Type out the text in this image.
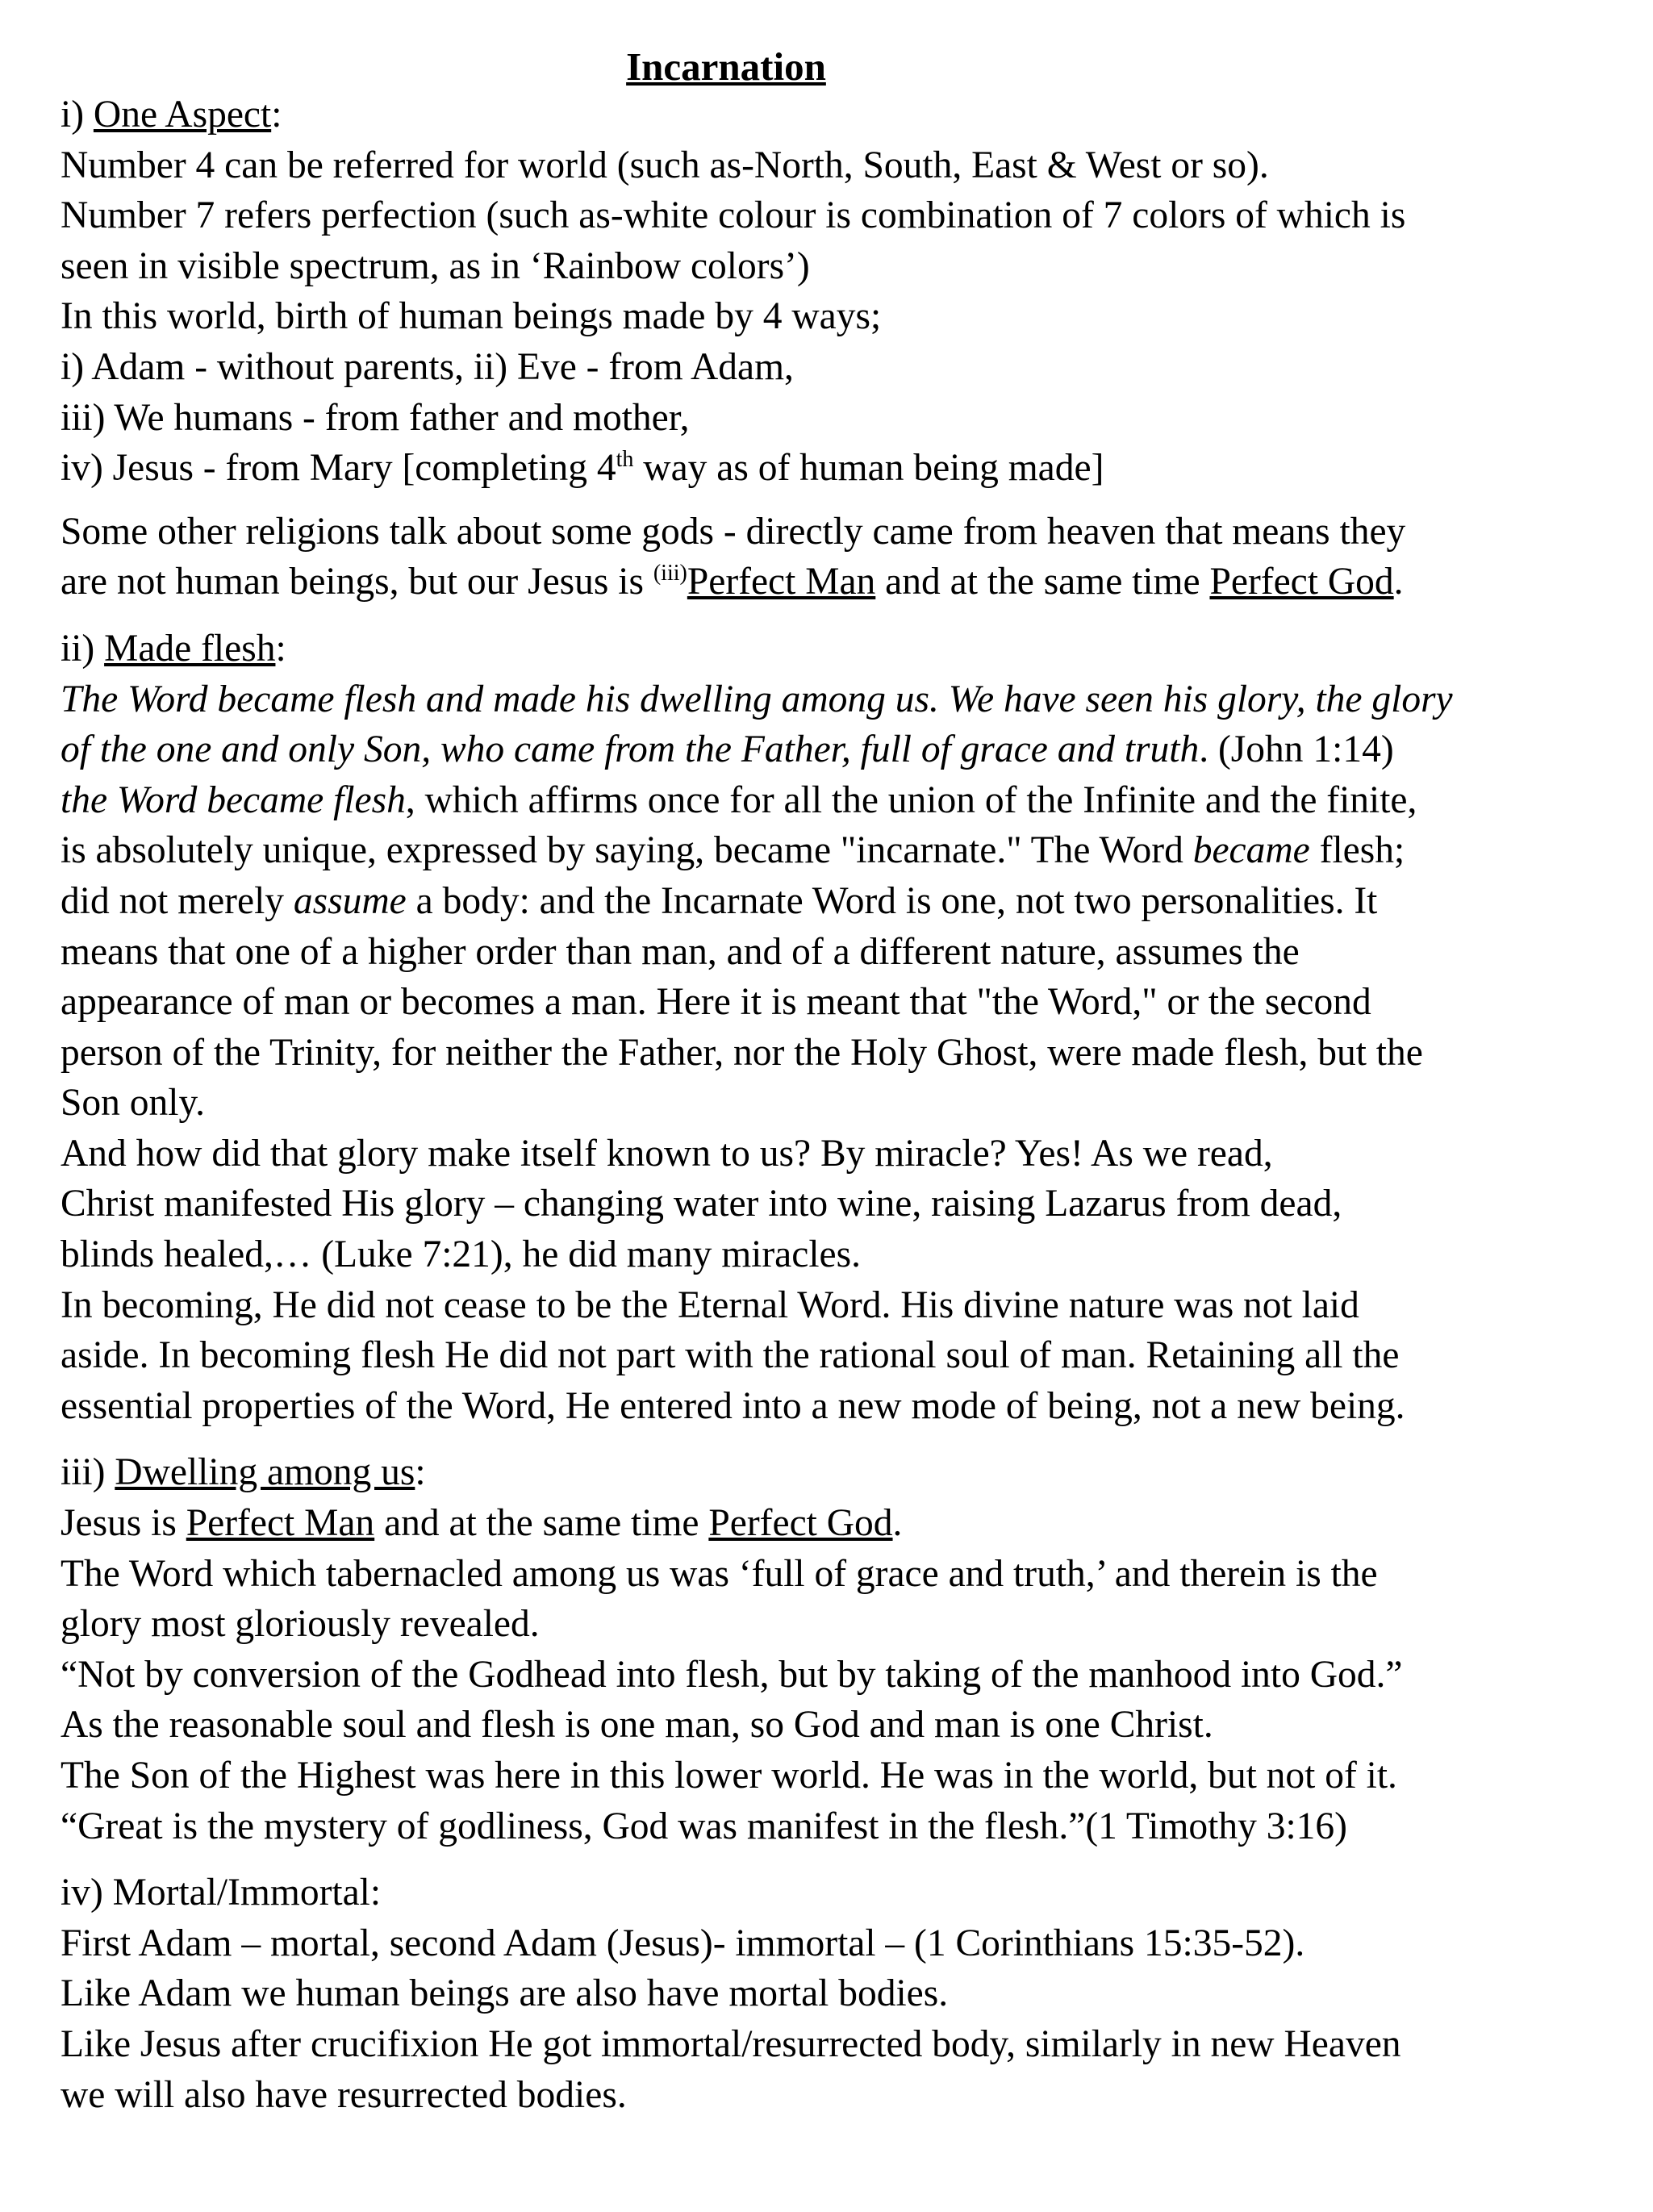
Incarnation
i) One Aspect:
Number 4 can be referred for world (such as-North, South, East & West or so).
Number 7 refers perfection (such as-white colour is combination of 7 colors of which is
seen in visible spectrum, as in ‘Rainbow colors’)
In this world, birth of human beings made by 4 ways;
i) Adam - without parents, ii) Eve - from Adam,
iii) We humans - from father and mother,
iv) Jesus - from Mary [completing 4th way as of human being made]
Some other religions talk about some gods - directly came from heaven that means they
are not human beings, but our Jesus is $^{(iii)}$Perfect Man and at the same time Perfect God.
ii) Made flesh:
The Word became flesh and made his dwelling among us. We have seen his glory, the glory
of the one and only Son, who came from the Father, full of grace and truth. (John 1:14)
the Word became flesh, which affirms once for all the union of the Infinite and the finite,
is absolutely unique, expressed by saying, became "incarnate." The Word became flesh;
did not merely assume a body: and the Incarnate Word is one, not two personalities. It
means that one of a higher order than man, and of a different nature, assumes the
appearance of man or becomes a man. Here it is meant that "the Word," or the second
person of the Trinity, for neither the Father, nor the Holy Ghost, were made flesh, but the
Son only.
And how did that glory make itself known to us? By miracle? Yes! As we read,
Christ manifested His glory – changing water into wine, raising Lazarus from dead,
blinds healed,… (Luke 7:21), he did many miracles.
In becoming, He did not cease to be the Eternal Word. His divine nature was not laid
aside. In becoming flesh He did not part with the rational soul of man. Retaining all the
essential properties of the Word, He entered into a new mode of being, not a new being.
iii) Dwelling among us:
Jesus is Perfect Man and at the same time Perfect God.
The Word which tabernacled among us was ‘full of grace and truth,’ and therein is the
glory most gloriously revealed.
“Not by conversion of the Godhead into flesh, but by taking of the manhood into God.”
As the reasonable soul and flesh is one man, so God and man is one Christ.
The Son of the Highest was here in this lower world. He was in the world, but not of it.
“Great is the mystery of godliness, God was manifest in the flesh.”(1 Timothy 3:16)
iv) Mortal/Immortal:
First Adam – mortal, second Adam (Jesus)- immortal – (1 Corinthians 15:35-52).
Like Adam we human beings are also have mortal bodies.
Like Jesus after crucifixion He got immortal/resurrected body, similarly in new Heaven
we will also have resurrected bodies.
